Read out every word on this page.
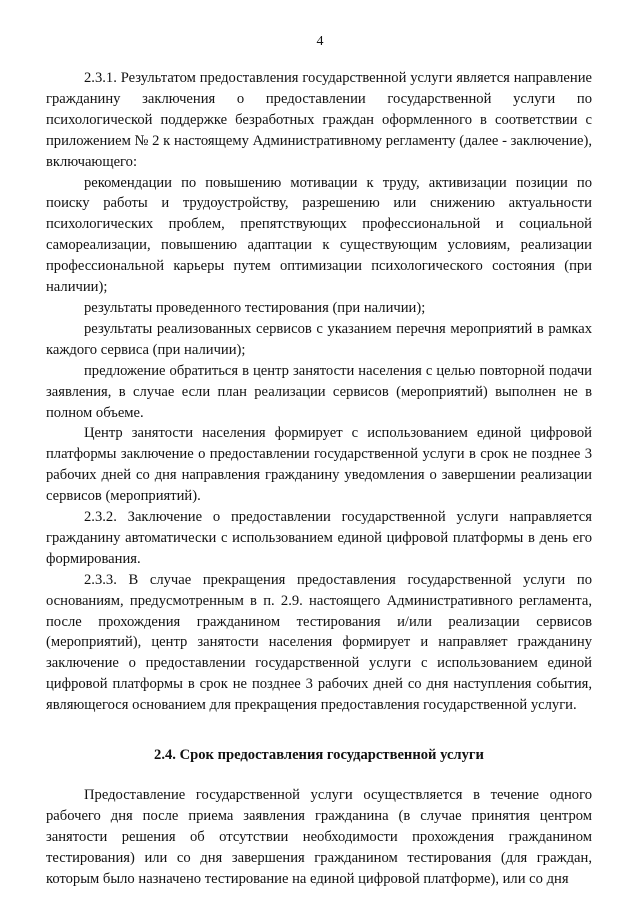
4

2.3.1. Результатом предоставления государственной услуги является направление гражданину заключения о предоставлении государственной услуги по психологической поддержке безработных граждан оформленного в соответствии с приложением № 2 к настоящему Административному регламенту (далее - заключение), включающего:

рекомендации по повышению мотивации к труду, активизации позиции по поиску работы и трудоустройству, разрешению или снижению актуальности психологических проблем, препятствующих профессиональной и социальной самореализации, повышению адаптации к существующим условиям, реализации профессиональной карьеры путем оптимизации психологического состояния (при наличии);

результаты проведенного тестирования (при наличии);

результаты реализованных сервисов с указанием перечня мероприятий в рамках каждого сервиса (при наличии);

предложение обратиться в центр занятости населения с целью повторной подачи заявления, в случае если план реализации сервисов (мероприятий) выполнен не в полном объеме.

Центр занятости населения формирует с использованием единой цифровой платформы заключение о предоставлении государственной услуги в срок не позднее 3 рабочих дней со дня направления гражданину уведомления о завершении реализации сервисов (мероприятий).

2.3.2. Заключение о предоставлении государственной услуги направляется гражданину автоматически с использованием единой цифровой платформы в день его формирования.

2.3.3. В случае прекращения предоставления государственной услуги по основаниям, предусмотренным в п. 2.9. настоящего Административного регламента, после прохождения гражданином тестирования и/или реализации сервисов (мероприятий), центр занятости населения формирует и направляет гражданину заключение о предоставлении государственной услуги с использованием единой цифровой платформы в срок не позднее 3 рабочих дней со дня наступления события, являющегося основанием для прекращения предоставления государственной услуги.

2.4. Срок предоставления государственной услуги

Предоставление государственной услуги осуществляется в течение одного рабочего дня после приема заявления гражданина (в случае принятия центром занятости решения об отсутствии необходимости прохождения гражданином тестирования) или со дня завершения гражданином тестирования (для граждан, которым было назначено тестирование на единой цифровой платформе), или со дня
